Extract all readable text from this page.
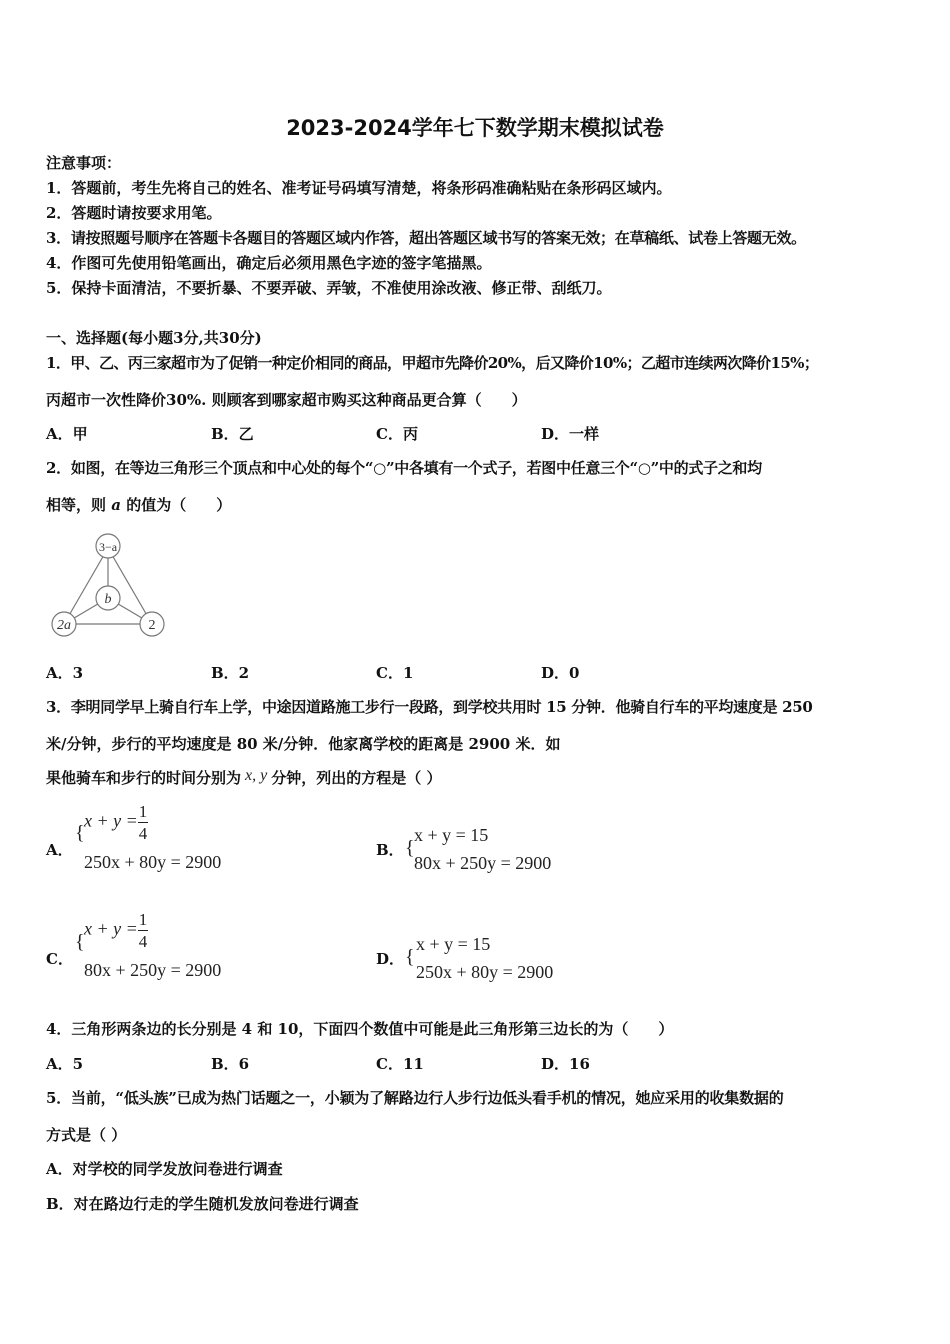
2023-2024学年七下数学期末模拟试卷
注意事项：
1．答题前，考生先将自己的姓名、准考证号码填写清楚，将条形码准确粘贴在条形码区域内。
2．答题时请按要求用笔。
3．请按照题号顺序在答题卡各题目的答题区域内作答，超出答题区域书写的答案无效；在草稿纸、试卷上答题无效。
4．作图可先使用铅笔画出，确定后必须用黑色字迹的签字笔描黑。
5．保持卡面清洁，不要折暴、不要弄破、弄皱，不准使用涂改液、修正带、刮纸刀。
一、选择题(每小题3分,共30分)
1．甲、乙、丙三家超市为了促销一种定价相同的商品，甲超市先降价20%，后又降价10%；乙超市连续两次降价15%；
丙超市一次性降价30%. 则顾客到哪家超市购买这种商品更合算（　　）
A．甲	B．乙	C．丙	D．一样
2．如图，在等边三角形三个顶点和中心处的每个“○”中各填有一个式子，若图中任意三个“○”中的式子之和均
相等，则 a 的值为（　　）
3−a
b
2a	2
A．3	B．2	C．1	D．0
3．李明同学早上骑自行车上学，中途因道路施工步行一段路，到学校共用时 15 分钟．他骑自行车的平均速度是 250
米/分钟，步行的平均速度是 80 米/分钟．他家离学校的距离是 2900 米．如
果他骑车和步行的时间分别为 x, y 分钟，列出的方程是（ ）
A．
{
$x + y = \frac{1}{4}$
250x + 80y = 2900
B． {
x + y = 15
80x + 250y = 2900
C．
{
$x + y = \frac{1}{4}$
80x + 250y = 2900
D． {
x + y = 15
250x + 80y = 2900
4．三角形两条边的长分别是 4 和 10，下面四个数值中可能是此三角形第三边长的为（　　）
A．5	B．6	C．11	D．16
5．当前，“低头族”已成为热门话题之一，小颖为了解路边行人步行边低头看手机的情况，她应采用的收集数据的
方式是（ ）
A．对学校的同学发放问卷进行调查
B．对在路边行走的学生随机发放问卷进行调查
